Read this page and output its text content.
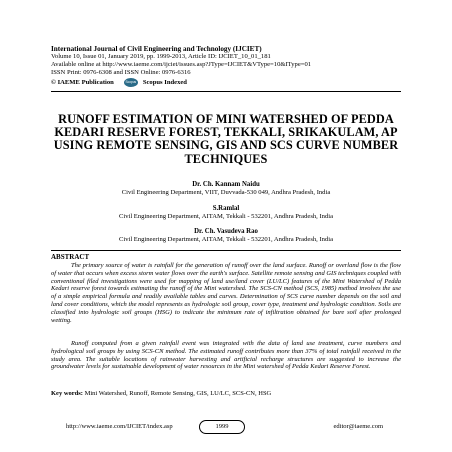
International Journal of Civil Engineering and Technology (IJCIET)
Volume 10, Issue 01, January 2019, pp. 1999-2013, Article ID: IJCIET_10_01_181
Available online at http://www.iaeme.com/ijciet/issues.asp?JType=IJCIET&VType=10&IType=01
ISSN Print: 0976-6308 and ISSN Online: 0976-6316
© IAEME Publication	Scopus Scopus Indexed
RUNOFF ESTIMATION OF MINI WATERSHED OF PEDDA KEDARI RESERVE FOREST, TEKKALI, SRIKAKULAM, AP USING REMOTE SENSING, GIS AND SCS CURVE NUMBER TECHNIQUES
Dr. Ch. Kannam Naidu
Civil Engineering Department, VIIT, Duvvada-530 049, Andhra Pradesh, India
S.Ramlal
Civil Engineering Department, AITAM, Tekkali - 532201, Andhra Pradesh, India
Dr. Ch. Vasudeva Rao
Civil Engineering Department, AITAM, Tekkali - 532201, Andhra Pradesh, India
ABSTRACT

The primary source of water is rainfall for the generation of runoff over the land surface. Runoff or overland flow is the flow of water that occurs when excess storm water flows over the earth's surface. Satellite remote sensing and GIS techniques coupled with conventional filed investigations were used for mapping of land use/land cover (LU/LC) features of the Mini Watershed of Pedda Kedari reserve forest towards estimating the runoff of the Mini watershed. The SCS-CN method (SCS, 1985) method involves the use of a simple empirical formula and readily available tables and curves. Determination of SCS curve number depends on the soil and land cover conditions, which the model represents as hydrologic soil group, cover type, treatment and hydrologic condition. Soils are classified into hydrologic soil groups (HSG) to indicate the minimum rate of infiltration obtained for bare soil after prolonged wetting.

Runoff computed from a given rainfall event was integrated with the data of land use treatment, curve numbers and hydrological soil groups by using SCS-CN method. The estimated runoff contributes more than 37% of total rainfall received in the study area. The suitable locations of rainwater harvesting and artificial recharge structures are suggested to increase the groundwater levels for sustainable development of water resources in the Mini watershed of Pedda Kedari Reserve Forest.

Key words: Mini Watershed, Runoff, Remote Sensing, GIS, LU/LC, SCS-CN, HSG
http://www.iaeme.com/IJCIET/index.asp	1999	editor@iaeme.com
